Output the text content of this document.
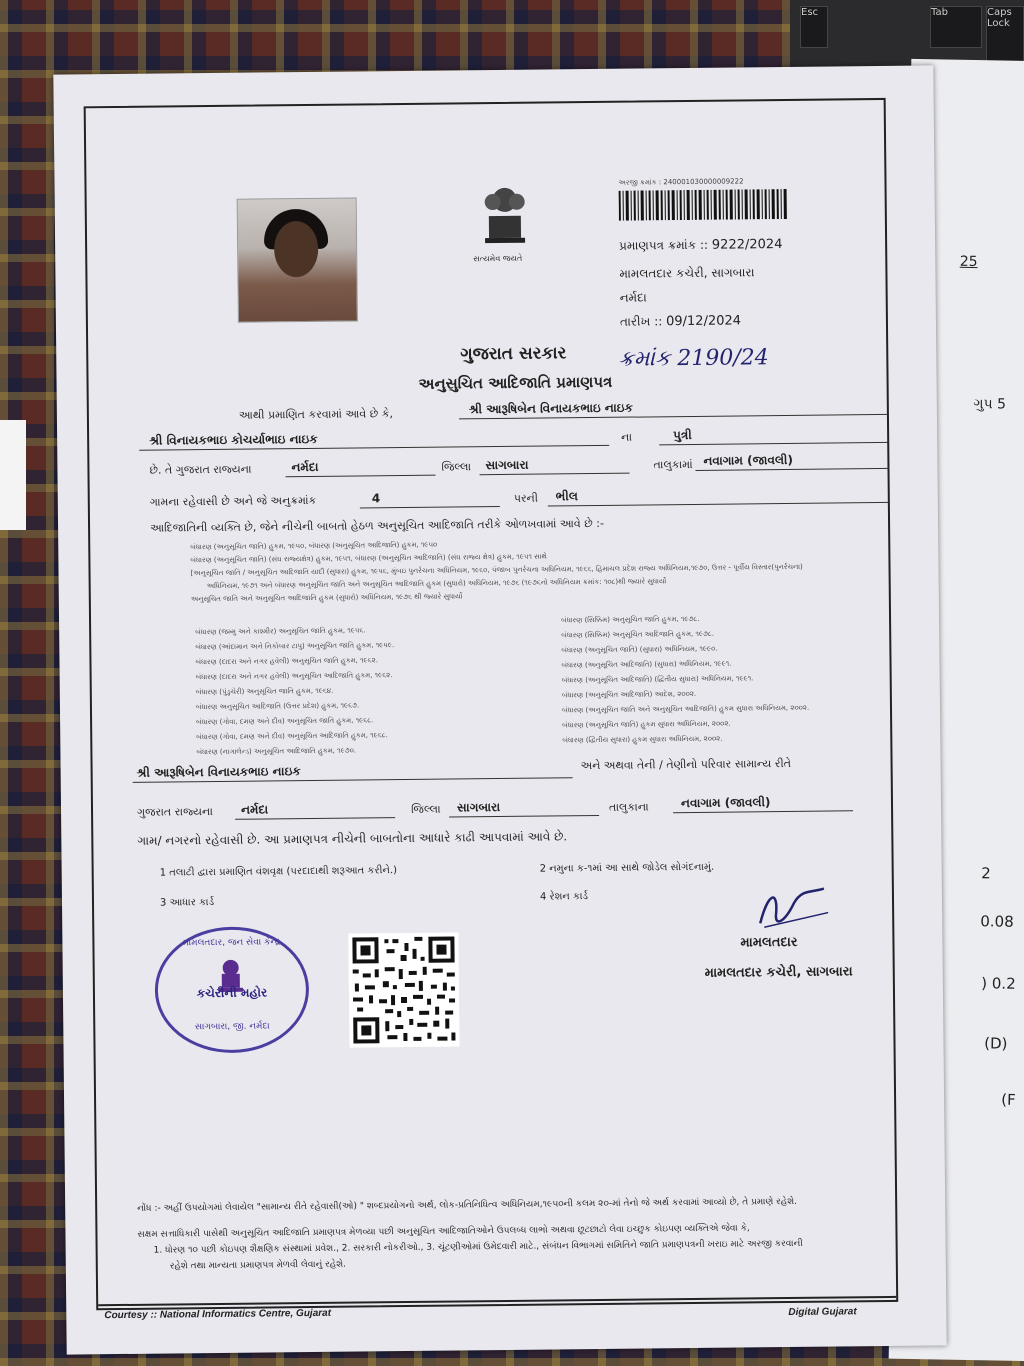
Esc	Tab	Caps Lock
25
ગુપ 5
2
0.08
) 0.2
(D)
(F
સત્યમેવ જયતે
અરજી ક્રમાંક : 240001030000009222
પ્રમાણપત્ર ક્રમાંક :: 9222/2024
મામલતદાર કચેરી, સાગબારા
નર્મદા
તારીખ :: 09/12/2024
ગુજરાત સરકાર ક્રમાંક 2190/24
અનુસુચિત આદિજાતિ પ્રમાણપત્ર
આથી પ્રમાણિત કરવામાં આવે છે કે,	શ્રી આરૂષિબેન વિનાયકભાઇ નાઇક
શ્રી વિનાયકભાઇ કોચર્યાભાઇ નાઇક	ના	પુત્રી
છે. તે ગુજરાત રાજ્યના	નર્મદા	જિલ્લા સાગબારા	તાલુકામાં નવાગામ (જાવલી)
ગામના રહેવાસી છે અને જે અનુક્રમાંક	4	પરની ભીલ
આદિજાતિની વ્યક્તિ છે, જેને નીચેની બાબતો હેઠળ અનુસૂચિત આદિજાતિ તરીકે ઓળખવામાં આવે છે :-
બંધારણ (અનુસૂચિત જાતિ) હુકમ, ૧૯૫૦, બંધારણ (અનુસૂચિત આદિજાતિ) હુકમ, ૧૯૫૦
બંધારણ (અનુસૂચિત જાતિ) (સંઘ રાજ્યક્ષેત્ર) હુકમ, ૧૯૫૧, બંધારણ (અનુસૂચિત આદિજાતિ) (સંઘ રાજ્ય ક્ષેત્ર) હુકમ, ૧૯૫૧ સાથે
[અનુસૂચિત જાતિ / અનુસૂચિત આદિજાતિ યાદી (સુધારા) હુકમ, ૧૯૫૬, મુંબઇ પુનર્રચના અધિનિયમ, ૧૯૬૦, પંજાબ પુનર્રચના અધિનિયમ, ૧૯૬૬, હિમાચલ પ્રદેશ રાજ્ય અધિનિયમ,૧૯૭૦, ઉત્તર - પૂર્વીય વિસ્તાર(પુનર્રચના)
અધિનિયમ, ૧૯૭૧ અને બંધારણ અનુસૂચિત જાતિ અને અનુસૂચિત આદિજાતિ હુકમ (સુધારો) અધિનિયમ, ૧૯૭૬ (૧૯૭૬નો અધિનિયમ ક્રમાંક: ૧૦૮)થી જ્યારે સુધાર્યો
અનુસૂચિત જાતિ અને અનુસૂચિત આદિજાતિ હુકમ (સુધારો) અધિનિયમ, ૧૯૭૬ થી જ્યારે સુધાર્યો
બંધારણ (જમ્મુ અને કાશ્મીર) અનુસૂચિત જાતિ હુકમ, ૧૯૫૬.
બંધારણ (આંદામાન અને નિકોબાર ટાપુ) અનુસૂચિત જાતિ હુકમ, ૧૯૫૯.
બંધારણ (દાદરા અને નગર હવેલી) અનુસૂચિત જાતિ હુકમ, ૧૯૬૨.
બંધારણ (દાદરા અને નગર હવેલી) અનુસૂચિત આદિજાતિ હુકમ, ૧૯૬૨.
બંધારણ (પુંડુચેરી) અનુસૂચિત જાતિ હુકમ, ૧૯૬૪.
બંધારણ અનુસૂચિત આદિજાતિ (ઉત્તર પ્રદેશ) હુકમ, ૧૯૬૭.
બંધારણ (ગોવા, દમણ અને દીવ) અનુસૂચિત જાતિ હુકમ, ૧૯૬૮.
બંધારણ (ગોવા, દમણ અને દીવ) અનુસૂચિત આદિજાતિ હુકમ, ૧૯૬૮.
બંધારણ (નાગાલેન્ડ) અનુસૂચિત આદિજાતિ હુકમ, ૧૯૭૦.
બંધારણ (સિક્કિમ) અનુસૂચિત જાતિ હુકમ, ૧૯૭૮.
બંધારણ (સિક્કિમ) અનુસૂચિત આદિજાતિ હુકમ, ૧૯૭૮.
બંધારણ (અનુસૂચિત જાતિ) (સુધારા) અધિનિયમ, ૧૯૯૦.
બંધારણ (અનુસૂચિત આદિજાતિ) (સુધારા) અધિનિયમ, ૧૯૯૧.
બંધારણ (અનુસૂચિત આદિજાતિ) (દ્વિતીય સુધારા) અધિનિયમ, ૧૯૯૧.
બંધારણ (અનુસૂચિત આદિજાતિ) આદેશ, ૨૦૦૨.
બંધારણ (અનુસૂચિત જાતિ અને અનુસૂચિત આદિજાતિ) હુકમ સુધારા અધિનિયમ, ૨૦૦૨.
બંધારણ (અનુસૂચિત જાતિ) હુકમ સુધારા અધિનિયમ, ૨૦૦૨.
બંધારણ (દ્વિતીય સુધારા) હુકમ સુધારા અધિનિયમ, ૨૦૦૨.
શ્રી આરૂષિબેન વિનાયકભાઇ નાઇક	અને અથવા તેની / તેણીનો પરિવાર સામાન્ય રીતે
ગુજરાત રાજ્યના નર્મદા	જિલ્લા સાગબારા	તાલુકાના	નવાગામ (જાવલી)
ગામ/ નગરનો રહેવાસી છે. આ પ્રમાણપત્ર નીચેની બાબતોના આધારે કાઢી આપવામાં આવે છે.
1 તલાટી દ્વારા પ્રમાણિત વંશવૃક્ષ (પરદાદાથી શરૂઆત કરીને.)	2 નમુના ક-૧માં આ સાથે જોડેલ સોગંદનામું.
3 આધાર કાર્ડ
4 રેશન કાર્ડ
મામલતદાર, જન સેવા કેન્દ્ર
કચેરીની મહોર
સાગબારા, જી. નર્મદા
મામલતદાર
મામલતદાર કચેરી, સાગબારા
નોંધ :- અહીં ઉપયોગમાં લેવાયેલ "સામાન્ય રીતે રહેવાસી(ઓ) " શબ્દપ્રયોગનો અર્થ, લોક-પ્રતિનિધિત્વ અધિનિયમ,૧૯૫૦ની કલમ ૨૦-માં તેનો જે અર્થ કરવામાં આવ્યો છે, તે પ્રમાણે રહેશે.
સક્ષમ સત્તાધિકારી પાસેથી અનુસૂચિત આદિજાતિ પ્રમાણપત્ર મેળવ્યા પછી અનુસૂચિત આદિજાતિઓને ઉપલબ્ધ લાભો અથવા છૂટછાટો લેવા ઇચ્છુક કોઇપણ વ્યક્તિએ જેવા કે,
1. ધોરણ ૧૦ પછી કોઇપણ શૈક્ષણિક સંસ્થામાં પ્રવેશ., 2. સરકારી નોકરીઓ., 3. ચૂંટણીઓમાં ઉમેદવારી માટે., સંબંધન વિભાગમાં સમિતિને જાતિ પ્રમાણપત્રની ખરાઇ માટે અરજી કરવાની
રહેશે તથા માન્યતા પ્રમાણપત્ર મેળવી લેવાનું રહેશે.
Courtesy :: National Informatics Centre, Gujarat	Digital Gujarat
